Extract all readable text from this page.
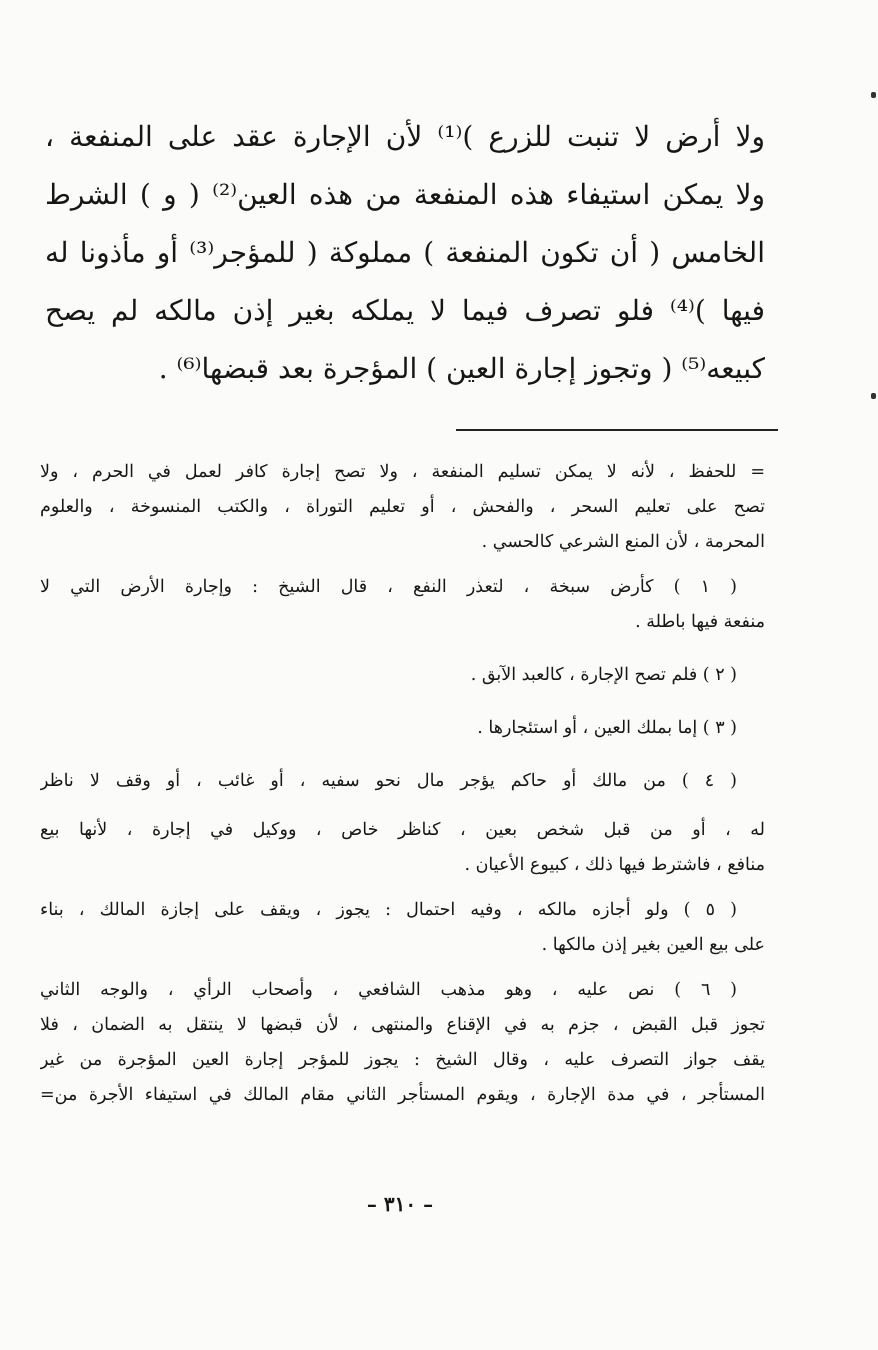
ولا أرض لا تنبت للزرع )⁽¹⁾ لأن الإجارة عقد على المنفعة ،
ولا يمكن استيفاء هذه المنفعة من هذه العين⁽²⁾ ( و ) الشرط
الخامس ( أن تكون المنفعة ) مملوكة ( للمؤجر⁽³⁾ أو مأذونا له
فيها )⁽⁴⁾ فلو تصرف فيما لا يملكه بغير إذن مالكه لم يصح
كبيعه⁽⁵⁾ ( وتجوز إجارة العين ) المؤجرة بعد قبضها⁽⁶⁾ .
= للحفظ ، لأنه لا يمكن تسليم المنفعة ، ولا تصح إجارة كافر لعمل في الحرم ، ولا
تصح على تعليم السحر ، والفحش ، أو تعليم التوراة ، والكتب المنسوخة ، والعلوم
المحرمة ، لأن المنع الشرعي كالحسي .
( ١ ) كأرض سبخة ، لتعذر النفع ، قال الشيخ : وإجارة الأرض التي لا
منفعة فيها باطلة .
( ٢ ) فلم تصح الإجارة ، كالعبد الآبق .
( ٣ ) إما بملك العين ، أو استئجارها .
( ٤ ) من مالك أو حاكم يؤجر مال نحو سفيه ، أو غائب ، أو وقف لا ناظر
له ، أو من قبل شخص بعين ، كناظر خاص ، ووكيل في إجارة ، لأنها بيع
منافع ، فاشترط فيها ذلك ، كبيوع الأعيان .
( ٥ ) ولو أجازه مالكه ، وفيه احتمال : يجوز ، ويقف على إجازة المالك ، بناء
على بيع العين بغير إذن مالكها .
( ٦ ) نص عليه ، وهو مذهب الشافعي ، وأصحاب الرأي ، والوجه الثاني
تجوز قبل القبض ، جزم به في الإقناع والمنتهى ، لأن قبضها لا ينتقل به الضمان ، فلا
يقف جواز التصرف عليه ، وقال الشيخ : يجوز للمؤجر إجارة العين المؤجرة من غير
المستأجر ، في مدة الإجارة ، ويقوم المستأجر الثاني مقام المالك في استيفاء الأجرة من=
– ٣١٠ –
